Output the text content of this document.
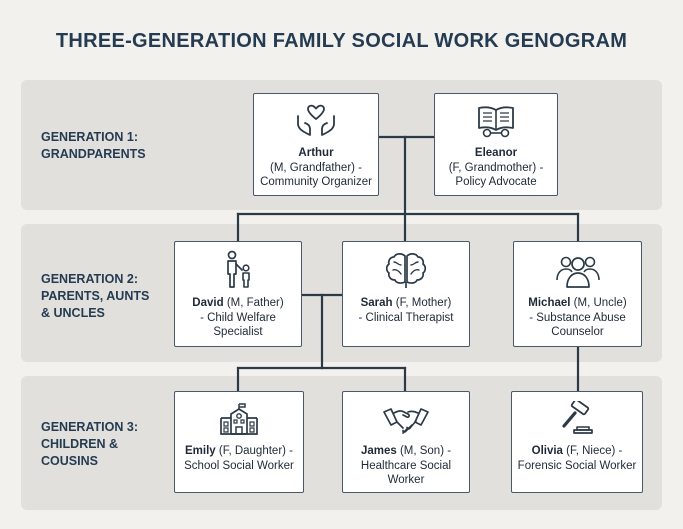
THREE-GENERATION FAMILY SOCIAL WORK GENOGRAM
GENERATION 1:
GRANDPARENTS
GENERATION 2:
PARENTS, AUNTS
& UNCLES
GENERATION 3:
CHILDREN &
COUSINS
Arthur
(M, Grandfather) -
Community Organizer
Eleanor
(F, Grandmother) -
Policy Advocate
David (M, Father)
- Child Welfare
Specialist
Sarah (F, Mother)
- Clinical Therapist
Michael (M, Uncle)
- Substance Abuse
Counselor
Emily (F, Daughter) -
School Social Worker
James (M, Son) -
Healthcare Social
Worker
Olivia (F, Niece) -
Forensic Social Worker
